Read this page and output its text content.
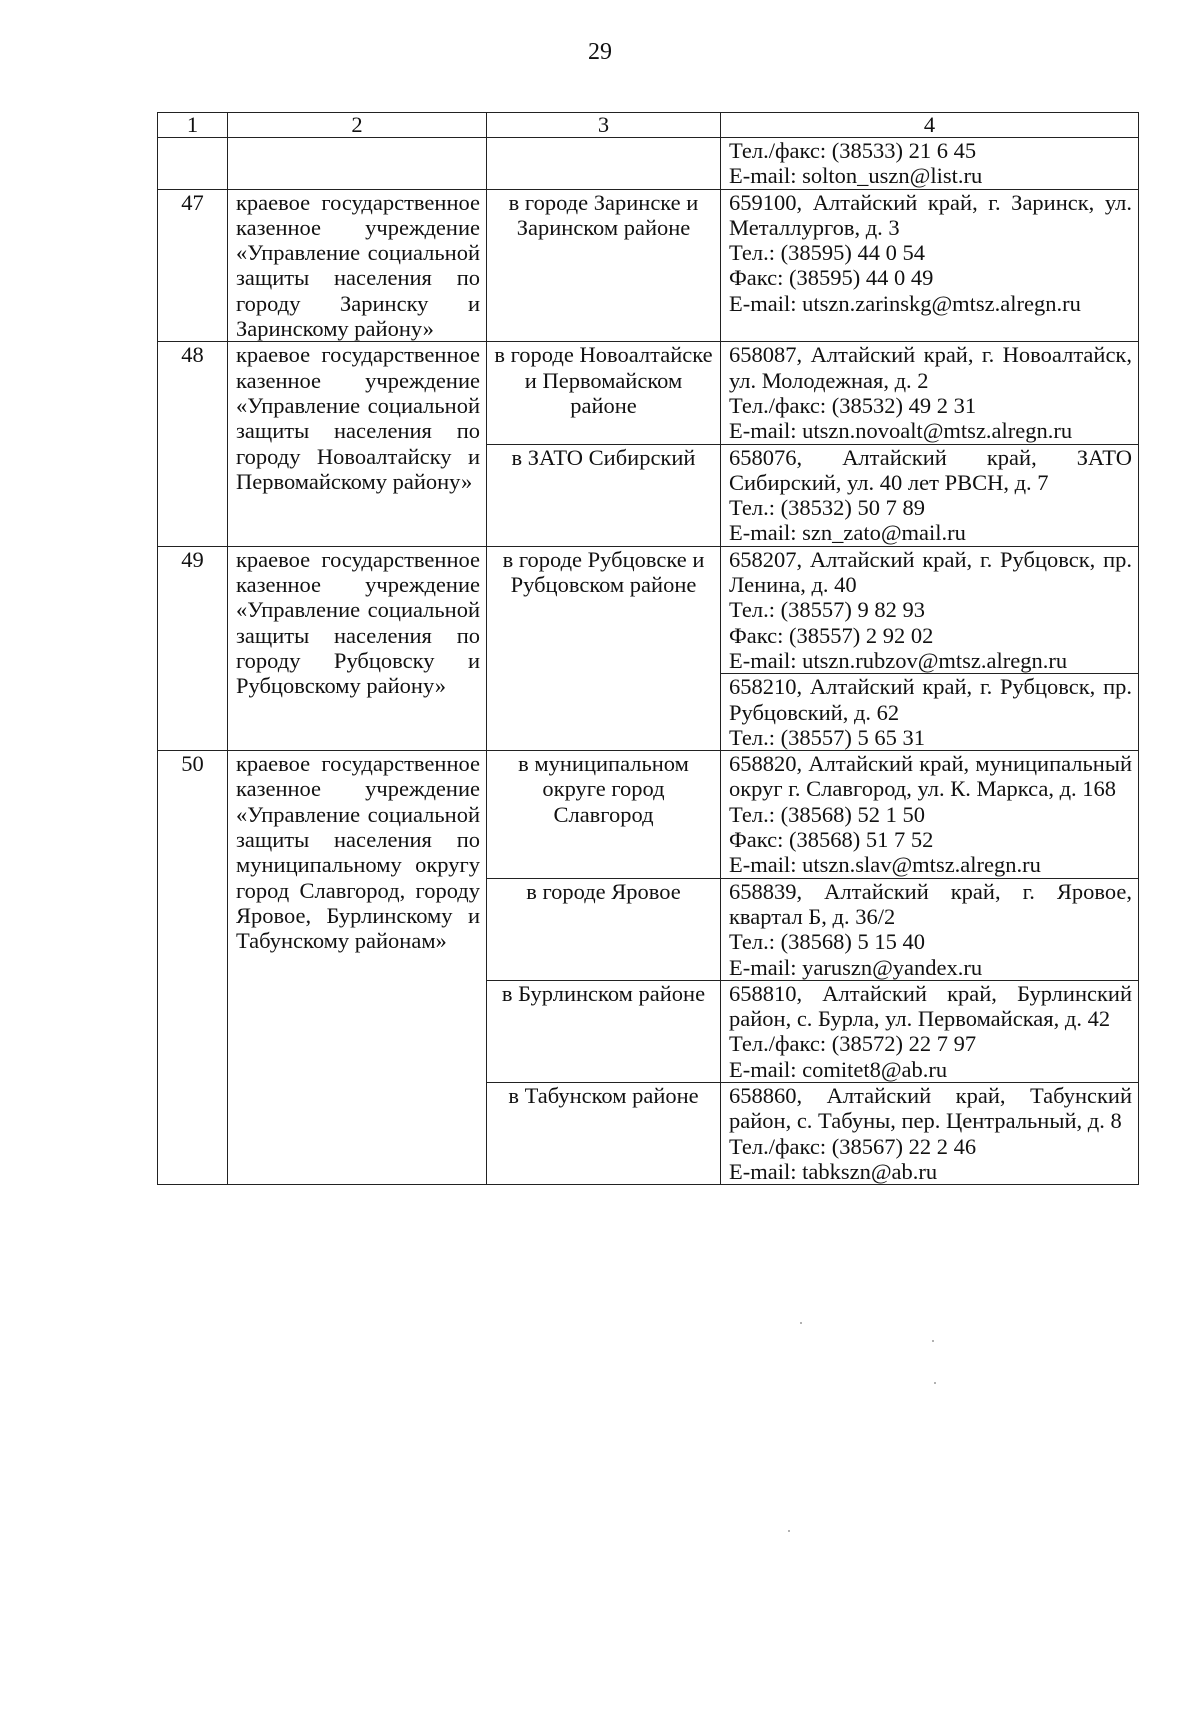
29
1	2	3	4

			Тел./факс: (38533) 21 6 45
E-mail: solton_uszn@list.ru

47	краевое государственное казенное учреждение «Управление социальной защиты населения по городу Заринску и Заринскому району»	в городе Заринске и Заринском районе	659100, Алтайский край, г. Заринск, ул. Металлургов, д. 3
Тел.: (38595) 44 0 54
Факс: (38595) 44 0 49
E-mail: utszn.zarinskg@mtsz.alregn.ru

48	краевое государственное казенное учреждение «Управление социальной защиты населения по городу Новоалтайску и Первомайскому району»	в городе Новоалтайске и Первомайском районе	658087, Алтайский край, г. Новоалтайск, ул. Молодежная, д. 2
Тел./факс: (38532) 49 2 31
E-mail: utszn.novoalt@mtsz.alregn.ru

		в ЗАТО Сибирский	658076, Алтайский край, ЗАТО Сибирский, ул. 40 лет РВСН, д. 7
Тел.: (38532) 50 7 89
E-mail: szn_zato@mail.ru

49	краевое государственное казенное учреждение «Управление социальной защиты населения по городу Рубцовску и Рубцовскому району»	в городе Рубцовске и Рубцовском районе	658207, Алтайский край, г. Рубцовск, пр. Ленина, д. 40
Тел.: (38557) 9 82 93
Факс: (38557) 2 92 02
E-mail: utszn.rubzov@mtsz.alregn.ru

			658210, Алтайский край, г. Рубцовск, пр. Рубцовский, д. 62
Тел.: (38557) 5 65 31

50	краевое государственное казенное учреждение «Управление социальной защиты населения по муниципальному округу город Славгород, городу Яровое, Бурлинскому и Табунскому районам»	в муниципальном округе город Славгород	658820, Алтайский край, муниципальный округ г. Славгород, ул. К. Маркса, д. 168
Тел.: (38568) 52 1 50
Факс: (38568) 51 7 52
E-mail: utszn.slav@mtsz.alregn.ru

		в городе Яровое	658839, Алтайский край, г. Яровое, квартал Б, д. 36/2
Тел.: (38568) 5 15 40
E-mail: yaruszn@yandex.ru

		в Бурлинском районе	658810, Алтайский край, Бурлинский район, с. Бурла, ул. Первомайская, д. 42
Тел./факс: (38572) 22 7 97
E-mail: comitet8@ab.ru

		в Табунском районе	658860, Алтайский край, Табунский район, с. Табуны, пер. Центральный, д. 8
Тел./факс: (38567) 22 2 46
E-mail: tabkszn@ab.ru
